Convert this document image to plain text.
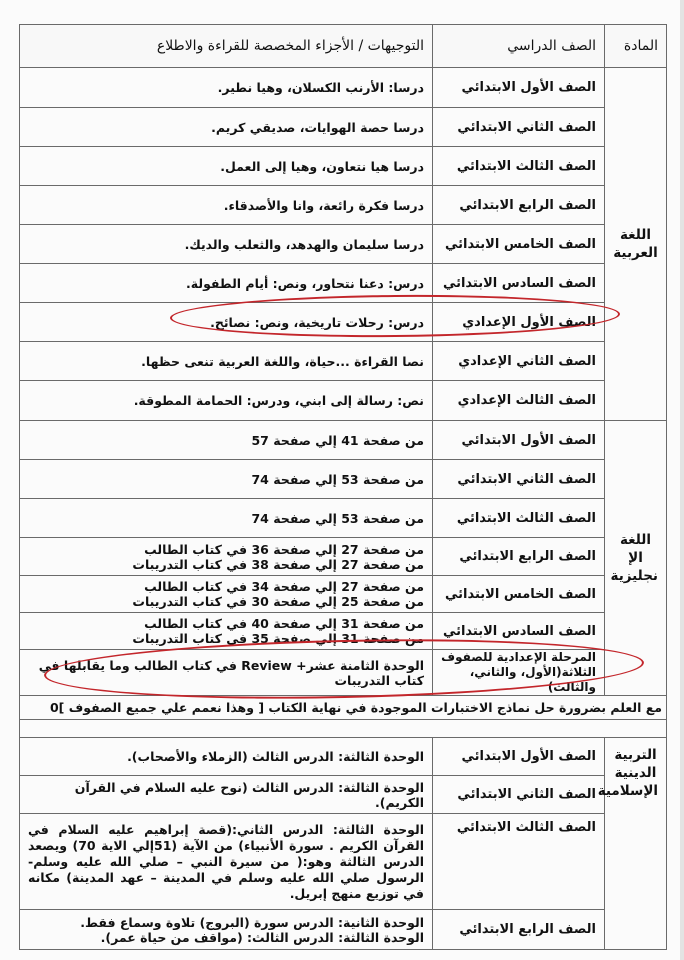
المادة	الصف الدراسي	التوجيهات / الأجزاء المخصصة للقراءة والاطلاع
اللغة العربية	الصف الأول الابتدائي	درسا: الأرنب الكسلان، وهيا نطير.
	الصف الثاني الابتدائي	درسا حصة الهوايات، صديقي كريم.
	الصف الثالث الابتدائي	درسا هيا نتعاون، وهيا إلى العمل.
	الصف الرابع الابتدائي	درسا فكرة رائعة، وانا والأصدقاء.
	الصف الخامس الابتدائي	درسا سليمان والهدهد، والثعلب والديك.
	الصف السادس الابتدائي	درس: دعنا نتحاور، ونص: أيام الطفولة.
	الصف الأول الإعدادي	درس: رحلات تاريخية، ونص: نصائح.
	الصف الثاني الإعدادي	نصا القراءة ...حياة، واللغة العربية تنعى حظها.
	الصف الثالث الإعدادي	نص: رسالة إلى ابني، ودرس: الحمامة المطوقة.
اللغة الإ نجليزية	الصف الأول الابتدائي	من صفحة 41 إلي صفحة 57
	الصف الثاني الابتدائي	من صفحة 53 إلي صفحة 74
	الصف الثالث الابتدائي	من صفحة 53 إلي صفحة 74
	الصف الرابع الابتدائي	من صفحة 27 إلي صفحة 36 في كتاب الطالب
من صفحة 27 إلي صفحة 38 في كتاب التدريبات

	الصف الخامس الابتدائي	من صفحة 27 إلي صفحة 34 في كتاب الطالب
من صفحة 25 إلي صفحة 30 في كتاب التدريبات

	الصف السادس الابتدائي	من صفحة 31 إلي صفحة 40 في كتاب الطالب
من صفحة 31 إلي صفحة 35 في كتاب التدريبات

	المرحلة الإعدادية للصفوف الثلاثة(الأول، والثاني، والثالث)	الوحدة الثامنة عشر+ Review في كتاب الطالب وما يقابلها في
كتاب التدريبات

مع العلم بضرورة حل نماذج الاختبارات الموجودة في نهاية الكتاب [ وهذا نعمم علي جميع الصفوف ]0		

التربية الدينية الإسلامية	الصف الأول الابتدائي	الوحدة الثالثة: الدرس الثالث (الزملاء والأصحاب).
	الصف الثاني الابتدائي	الوحدة الثالثة: الدرس الثالث (نوح عليه السلام في القرآن الكريم).
	الصف الثالث الابتدائي	الوحدة الثالثة: الدرس الثاني:(قصة إبراهيم عليه السلام في القرآن الكريم . سورة الأنبياء) من الآية (51إلي الاية 70) ويصعد الدرس الثالثة وهو:( من سيرة النبي – صلي الله عليه وسلم- الرسول صلي الله عليه وسلم في المدينة – عهد المدينة) مكانه في توزيع منهج إبريل.
	الصف الرابع الابتدائي	الوحدة الثانية: الدرس سورة (البروج) تلاوة وسماع فقط.
الوحدة الثالثة: الدرس الثالث: (مواقف من حياة عمر).
